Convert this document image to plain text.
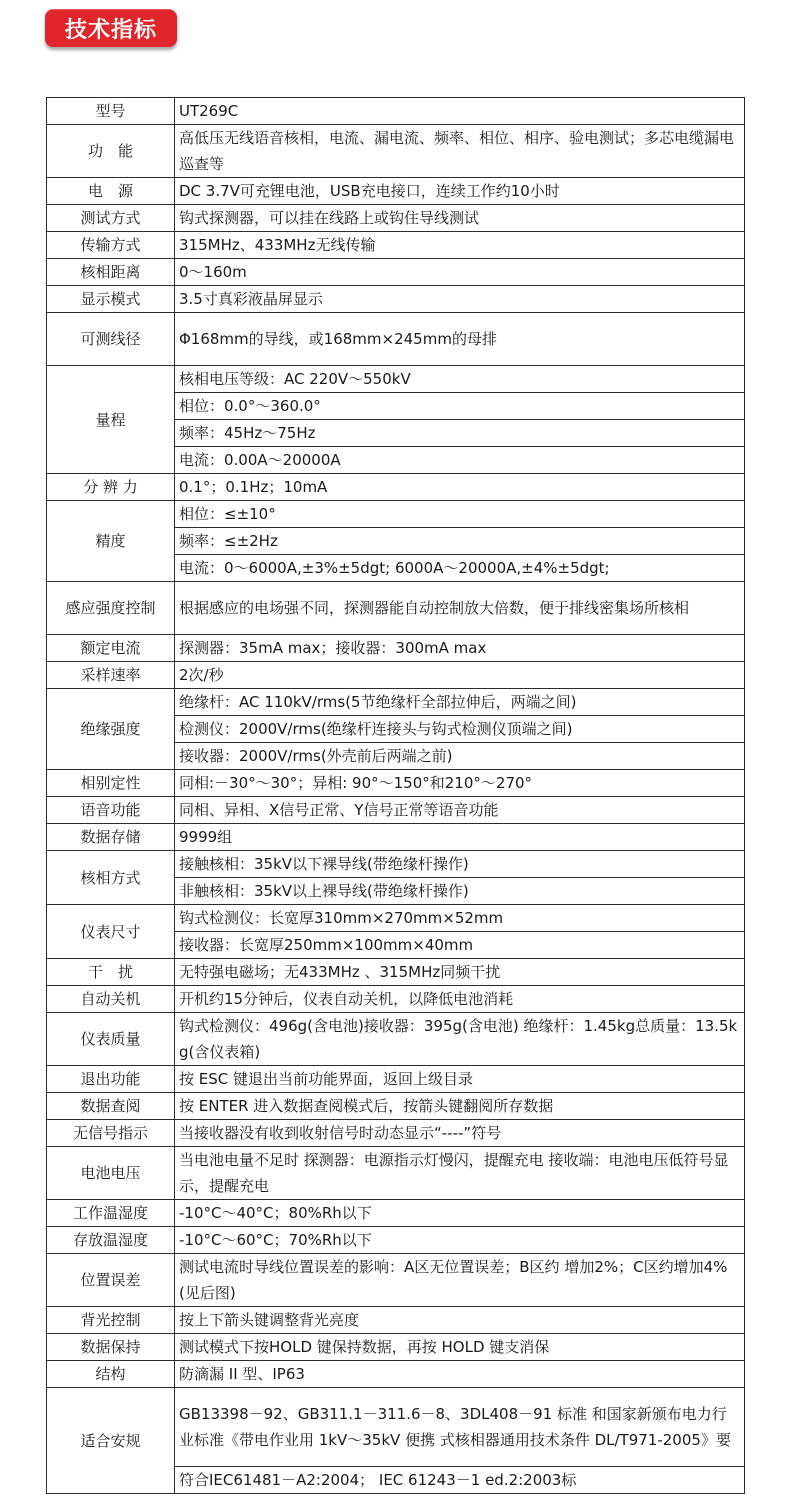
技术指标
型号	UT269C
功　能	高低压无线语音核相，电流、漏电流、频率、相位、相序、验电测试；多芯电缆漏电巡查等
电　源	DC 3.7V可充锂电池，USB充电接口，连续工作约10小时
测试方式	钩式探测器，可以挂在线路上或钩住导线测试
传输方式	315MHz、433MHz无线传输
核相距离	0～160m
显示模式	3.5寸真彩液晶屏显示
可测线径	Φ168mm的导线，或168mm×245mm的母排
量程	核相电压等级：AC 220V～550kV
	相位：0.0°～360.0°
	频率：45Hz～75Hz
	电流：0.00A～20000A
分 辨 力	0.1°；0.1Hz；10mA
精度	相位：≤±10°
	频率：≤±2Hz
	电流：0～6000A,±3%±5dgt; 6000A～20000A,±4%±5dgt;
感应强度控制	根据感应的电场强不同，探测器能自动控制放大倍数，便于排线密集场所核相
额定电流	探测器：35mA max；接收器：300mA max
采样速率	2次/秒
绝缘强度	绝缘杆：AC 110kV/rms(5节绝缘杆全部拉伸后，两端之间)
	检测仪：2000V/rms(绝缘杆连接头与钩式检测仪顶端之间)
	接收器：2000V/rms(外壳前后两端之前)
相别定性	同相:－30°～30°；异相: 90°～150°和210°～270°
语音功能	同相、异相、X信号正常、Y信号正常等语音功能
数据存储	9999组
核相方式	接触核相：35kV以下裸导线(带绝缘杆操作)
	非触核相：35kV以上裸导线(带绝缘杆操作)
仪表尺寸	钩式检测仪：长宽厚310mm×270mm×52mm
	接收器：长宽厚250mm×100mm×40mm
干　扰	无特强电磁场；无433MHz 、315MHz同频干扰
自动关机	开机约15分钟后，仪表自动关机，以降低电池消耗
仪表质量	钩式检测仪：496g(含电池)接收器：395g(含电池) 绝缘杆：1.45kg总质量：13.5kg(含仪表箱)
退出功能	按 ESC 键退出当前功能界面，返回上级目录
数据查阅	按 ENTER 进入数据查阅模式后，按箭头键翻阅所存数据
无信号指示	当接收器没有收到收射信号时动态显示“----”符号
电池电压	当电池电量不足时 探测器：电源指示灯慢闪，提醒充电 接收端：电池电压低符号显示，提醒充电
工作温湿度	-10°C～40°C；80%Rh以下
存放温湿度	-10°C～60°C；70%Rh以下
位置误差	测试电流时导线位置误差的影响：A区无位置误差；B区约 增加2%；C区约增加4%(见后图)
背光控制	按上下箭头键调整背光亮度
数据保持	测试模式下按HOLD 键保持数据，再按 HOLD 键支消保
结构	防滴漏 II 型、IP63
适合安规	GB13398－92、GB311.1－311.6－8、3DL408－91 标准 和国家新颁布电力行业标准《带电作业用 1kV～35kV 便携 式核相器通用技术条件 DL/T971-2005》要
	符合IEC61481－A2:2004； IEC 61243－1 ed.2:2003标
